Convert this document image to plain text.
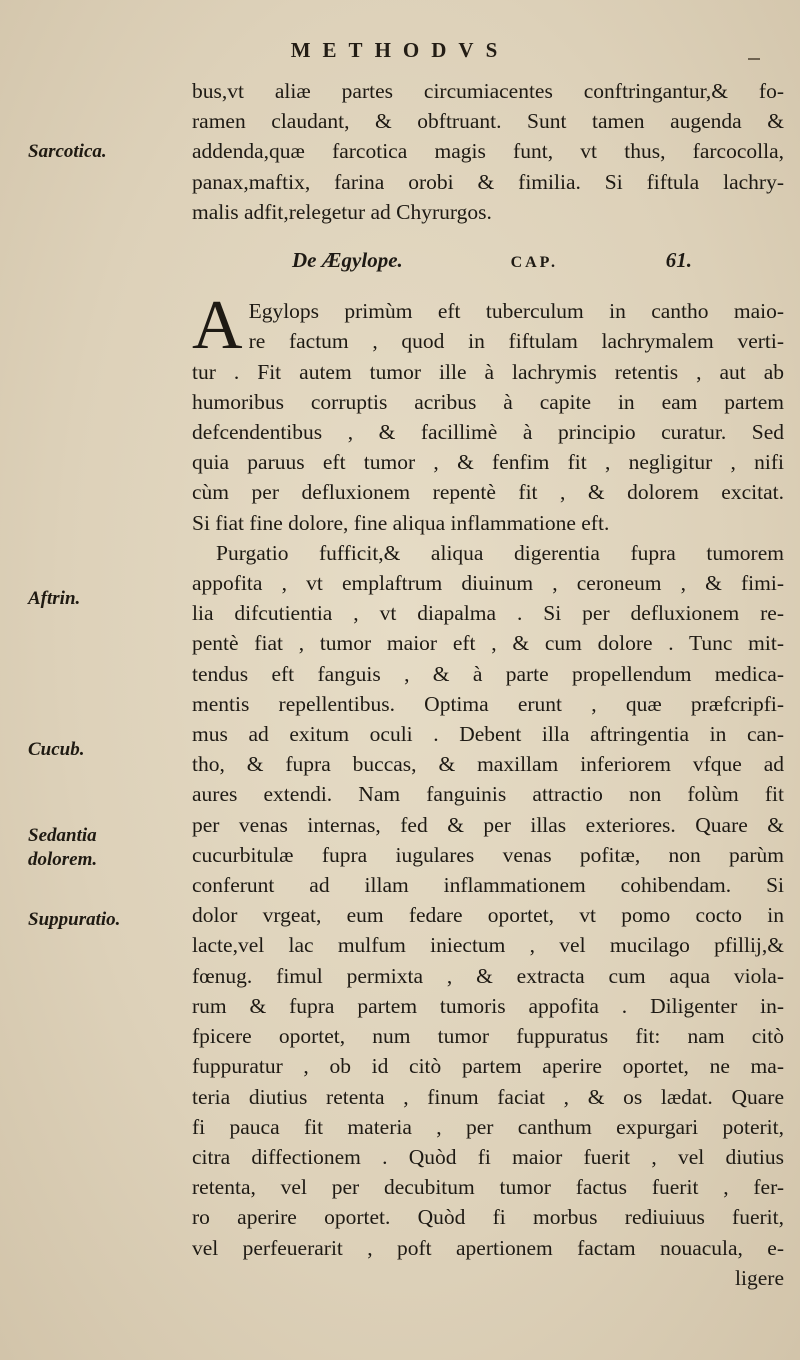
METHODVS
Sarcotica.
Aftrin.
Cucub.
Sedantia
dolorem.
Suppuratio.
bus,vt aliæ partes circumiacentes conftringantur,& fo-
ramen claudant, & obftruant. Sunt tamen augenda &
addenda,quæ farcotica magis funt, vt thus, farcocolla,
panax,maftix, farina orobi & fimilia. Si fiftula lachry-
malis adfit,relegetur ad Chyrurgos.
De Ægylope.	CAP.	61.
A Egylops primùm eft tuberculum in cantho maio-
re factum , quod in fiftulam lachrymalem verti-
tur . Fit autem tumor ille à lachrymis retentis , aut ab
humoribus corruptis acribus à capite in eam partem
defcendentibus , & facillimè à principio curatur. Sed
quia paruus eft tumor , & fenfim fit , negligitur , nifi
cùm per defluxionem repentè fit , & dolorem excitat.
Si fiat fine dolore, fine aliqua inflammatione eft.
Purgatio fufficit,& aliqua digerentia fupra tumorem
appofita , vt emplaftrum diuinum , ceroneum , & fimi-
lia difcutientia , vt diapalma . Si per defluxionem re-
pentè fiat , tumor maior eft , & cum dolore . Tunc mit-
tendus eft fanguis , & à parte propellendum medica-
mentis repellentibus. Optima erunt , quæ præfcripfi-
mus ad exitum oculi . Debent illa aftringentia in can-
tho, & fupra buccas, & maxillam inferiorem vfque ad
aures extendi. Nam fanguinis attractio non folùm fit
per venas internas, fed & per illas exteriores. Quare &
cucurbitulæ fupra iugulares venas pofitæ, non parùm
conferunt ad illam inflammationem cohibendam. Si
dolor vrgeat, eum fedare oportet, vt pomo cocto in
lacte,vel lac mulfum iniectum , vel mucilago pfillij,&
fœnug. fimul permixta , & extracta cum aqua viola-
rum & fupra partem tumoris appofita . Diligenter in-
fpicere oportet, num tumor fuppuratus fit: nam citò
fuppuratur , ob id citò partem aperire oportet, ne ma-
teria diutius retenta , finum faciat , & os lædat. Quare
fi pauca fit materia , per canthum expurgari poterit,
citra diffectionem . Quòd fi maior fuerit , vel diutius
retenta, vel per decubitum tumor factus fuerit , fer-
ro aperire oportet. Quòd fi morbus rediuiuus fuerit,
vel perfeuerarit , poft apertionem factam nouacula, e-
ligere
